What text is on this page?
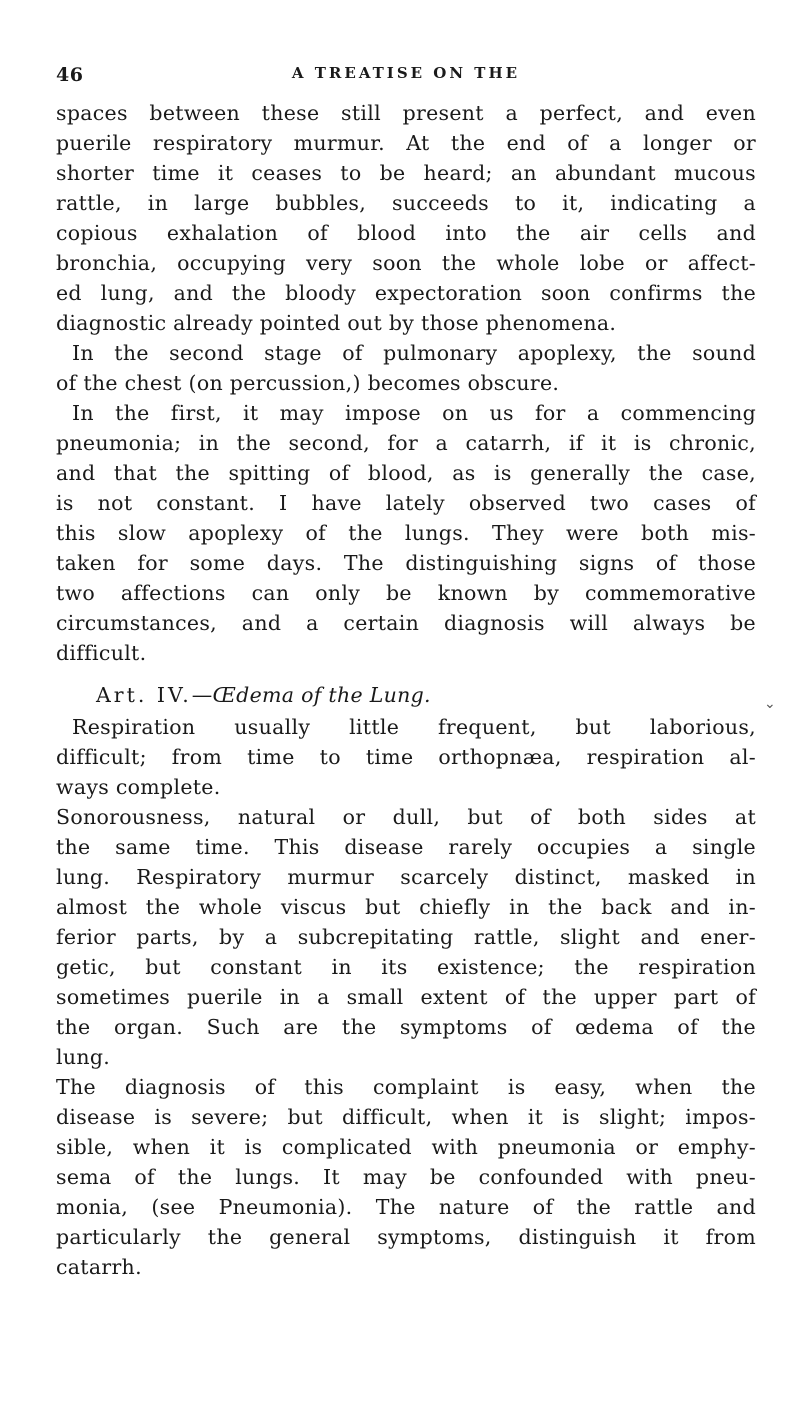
46	A TREATISE ON THE
spaces between these still present a perfect, and even
puerile respiratory murmur. At the end of a longer or
shorter time it ceases to be heard; an abundant mucous
rattle, in large bubbles, succeeds to it, indicating a
copious exhalation of blood into the air cells and
bronchia, occupying very soon the whole lobe or affect-
ed lung, and the bloody expectoration soon confirms the
diagnostic already pointed out by those phenomena.
In the second stage of pulmonary apoplexy, the sound
of the chest (on percussion,) becomes obscure.
In the first, it may impose on us for a commencing
pneumonia; in the second, for a catarrh, if it is chronic,
and that the spitting of blood, as is generally the case,
is not constant. I have lately observed two cases of
this slow apoplexy of the lungs. They were both mis-
taken for some days. The distinguishing signs of those
two affections can only be known by commemorative
circumstances, and a certain diagnosis will always be
difficult.
Art. IV.—Œdema of the Lung.
Respiration usually little frequent, but laborious,
difficult; from time to time orthopnæa, respiration al-
ways complete.
Sonorousness, natural or dull, but of both sides at
the same time. This disease rarely occupies a single
lung. Respiratory murmur scarcely distinct, masked in
almost the whole viscus but chiefly in the back and in-
ferior parts, by a subcrepitating rattle, slight and ener-
getic, but constant in its existence; the respiration
sometimes puerile in a small extent of the upper part of
the organ. Such are the symptoms of œdema of the
lung.
The diagnosis of this complaint is easy, when the
disease is severe; but difficult, when it is slight; impos-
sible, when it is complicated with pneumonia or emphy-
sema of the lungs. It may be confounded with pneu-
monia, (see Pneumonia). The nature of the rattle and
particularly the general symptoms, distinguish it from
catarrh.
⌄
